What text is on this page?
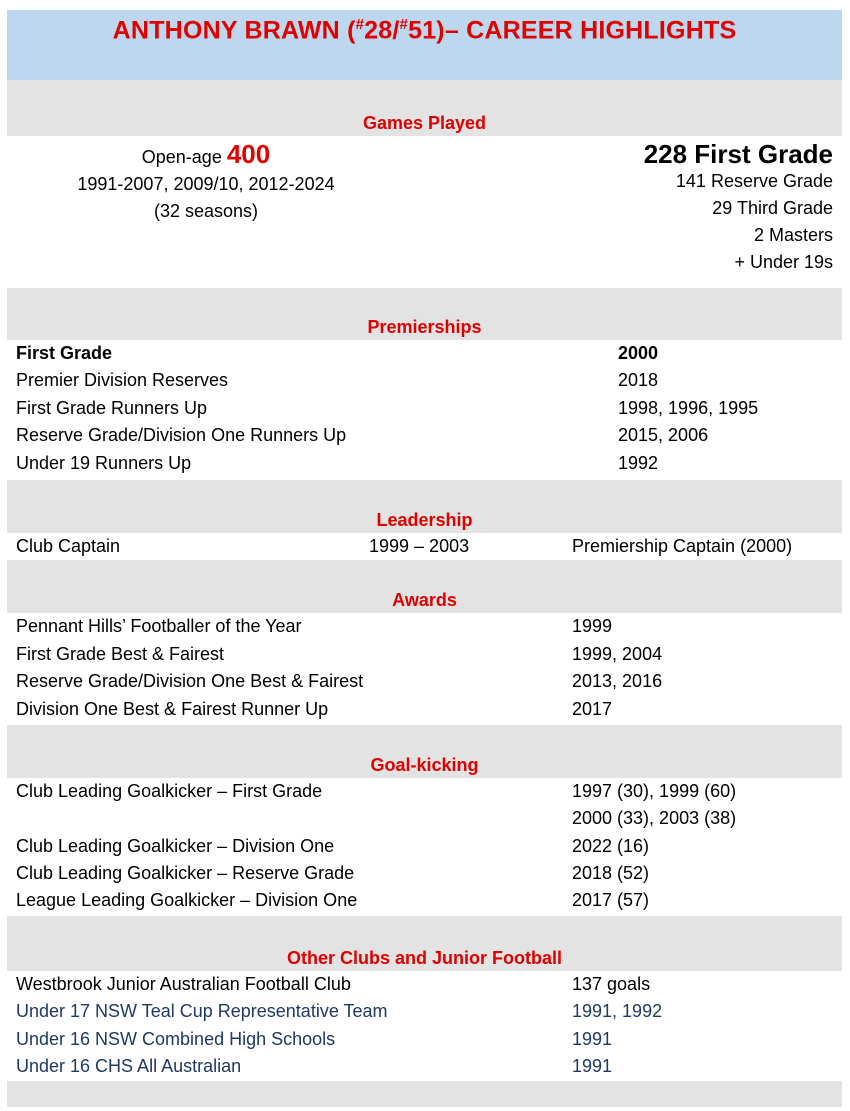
ANTHONY BRAWN (#28/#51)– CAREER HIGHLIGHTS
Games Played
Open-age 400
1991-2007, 2009/10, 2012-2024
(32 seasons)
228 First Grade
141 Reserve Grade
29 Third Grade
2 Masters
+ Under 19s
Premierships
First Grade	2000
Premier Division Reserves	2018
First Grade Runners Up	1998, 1996, 1995
Reserve Grade/Division One Runners Up	2015, 2006
Under 19 Runners Up	1992
Leadership
Club Captain	1999 – 2003	Premiership Captain (2000)
Awards
Pennant Hills’ Footballer of the Year	1999
First Grade Best & Fairest	1999, 2004
Reserve Grade/Division One Best & Fairest	2013, 2016
Division One Best & Fairest Runner Up	2017
Goal-kicking
Club Leading Goalkicker – First Grade	1997 (30), 1999 (60)
2000 (33), 2003 (38)
Club Leading Goalkicker – Division One	2022 (16)
Club Leading Goalkicker – Reserve Grade	2018 (52)
League Leading Goalkicker – Division One	2017 (57)
Other Clubs and Junior Football
Westbrook Junior Australian Football Club	137 goals
Under 17 NSW Teal Cup Representative Team	1991, 1992
Under 16 NSW Combined High Schools	1991
Under 16 CHS All Australian	1991
